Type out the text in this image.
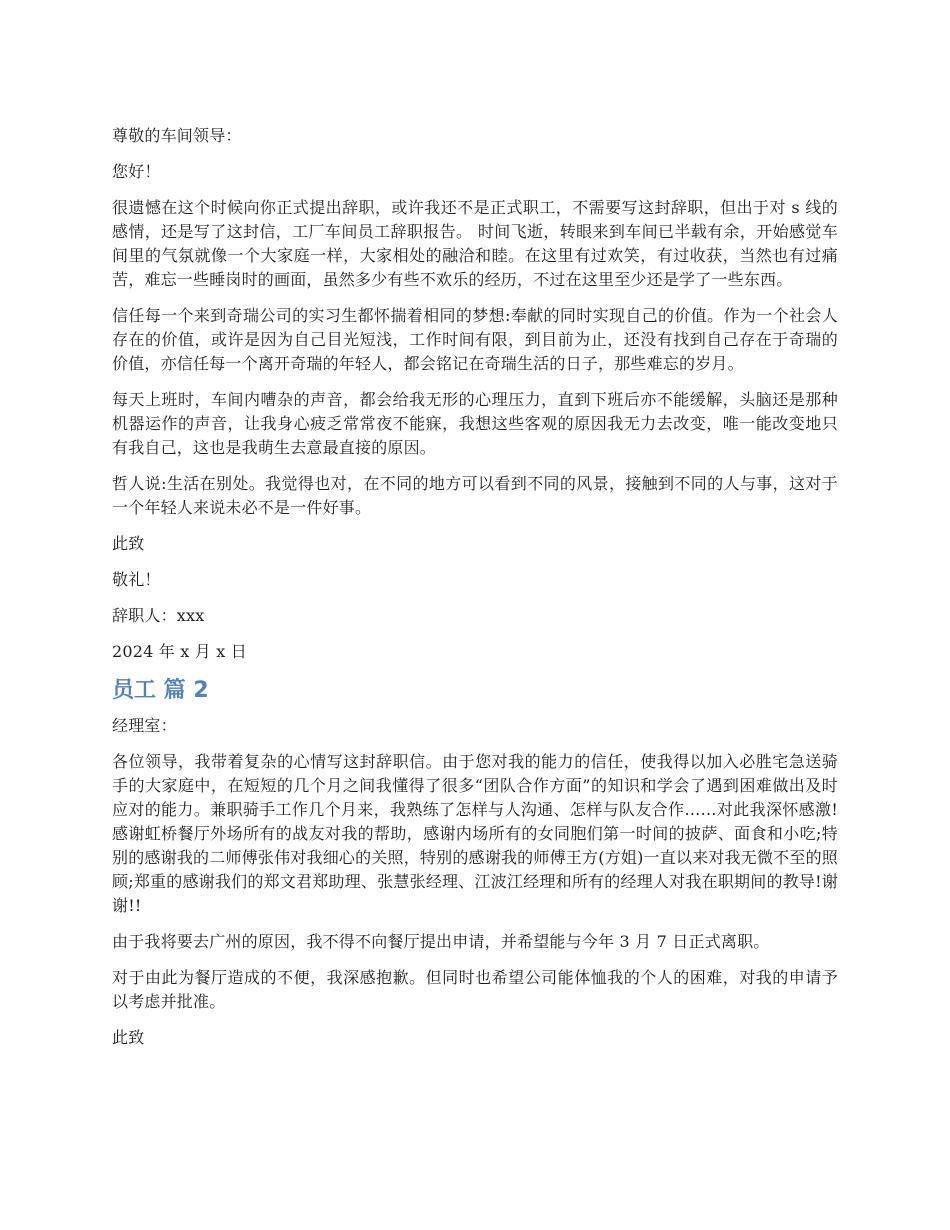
尊敬的车间领导：

您好！

很遗憾在这个时候向你正式提出辞职，或许我还不是正式职工，不需要写这封辞职，但出于对 s 线的感情，还是写了这封信，工厂车间员工辞职报告。 时间飞逝，转眼来到车间已半载有余，开始感觉车间里的气氛就像一个大家庭一样，大家相处的融洽和睦。在这里有过欢笑，有过收获，当然也有过痛苦，难忘一些睡岗时的画面，虽然多少有些不欢乐的经历，不过在这里至少还是学了一些东西。

信任每一个来到奇瑞公司的实习生都怀揣着相同的梦想:奉献的同时实现自己的价值。作为一个社会人存在的价值，或许是因为自己目光短浅，工作时间有限，到目前为止，还没有找到自己存在于奇瑞的价值，亦信任每一个离开奇瑞的年轻人，都会铭记在奇瑞生活的日子，那些难忘的岁月。

每天上班时，车间内嘈杂的声音，都会给我无形的心理压力，直到下班后亦不能缓解，头脑还是那种机器运作的声音，让我身心疲乏常常夜不能寐，我想这些客观的原因我无力去改变，唯一能改变地只有我自己，这也是我萌生去意最直接的原因。

哲人说:生活在别处。我觉得也对，在不同的地方可以看到不同的风景，接触到不同的人与事，这对于一个年轻人来说未必不是一件好事。

此致

敬礼！

辞职人：xxx

2024 年 x 月 x 日

员工 篇 2

经理室：

各位领导，我带着复杂的心情写这封辞职信。由于您对我的能力的信任，使我得以加入必胜宅急送骑手的大家庭中，在短短的几个月之间我懂得了很多“团队合作方面”的知识和学会了遇到困难做出及时应对的能力。兼职骑手工作几个月来，我熟练了怎样与人沟通、怎样与队友合作……对此我深怀感激!感谢虹桥餐厅外场所有的战友对我的帮助，感谢内场所有的女同胞们第一时间的披萨、面食和小吃;特别的感谢我的二师傅张伟对我细心的关照，特别的感谢我的师傅王方(方姐)一直以来对我无微不至的照顾;郑重的感谢我们的郑文君郑助理、张慧张经理、江波江经理和所有的经理人对我在职期间的教导!谢谢!!

由于我将要去广州的原因，我不得不向餐厅提出申请，并希望能与今年 3 月 7 日正式离职。

对于由此为餐厅造成的不便，我深感抱歉。但同时也希望公司能体恤我的个人的困难，对我的申请予以考虑并批准。

此致
